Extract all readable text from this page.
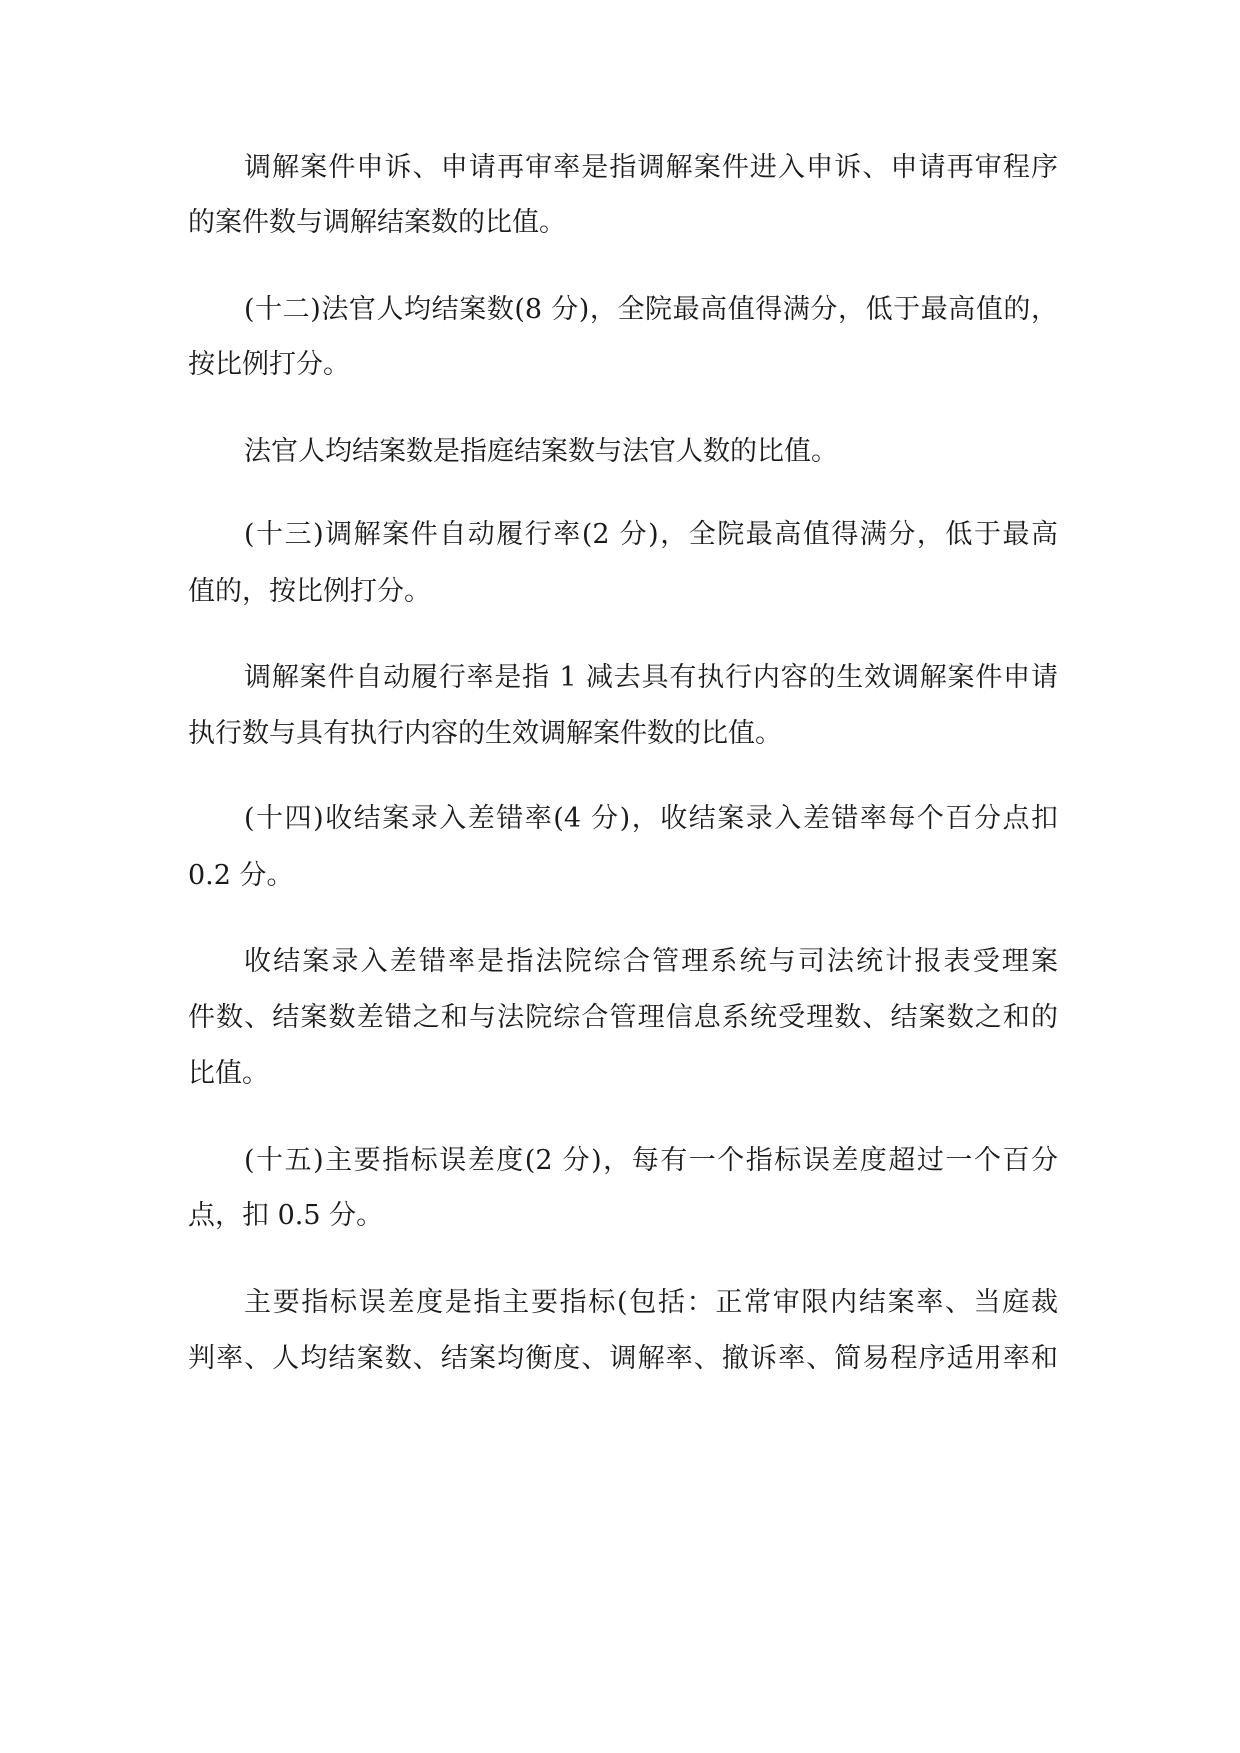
调解案件申诉、申请再审率是指调解案件进入申诉、申请再审程序
的案件数与调解结案数的比值。
(十二)法官人均结案数(8 分)，全院最高值得满分，低于最高值的，
按比例打分。
法官人均结案数是指庭结案数与法官人数的比值。
(十三)调解案件自动履行率(2 分)，全院最高值得满分，低于最高
值的，按比例打分。
调解案件自动履行率是指 1 减去具有执行内容的生效调解案件申请
执行数与具有执行内容的生效调解案件数的比值。
(十四)收结案录入差错率(4 分)，收结案录入差错率每个百分点扣
0.2 分。
收结案录入差错率是指法院综合管理系统与司法统计报表受理案
件数、结案数差错之和与法院综合管理信息系统受理数、结案数之和的
比值。
(十五)主要指标误差度(2 分)，每有一个指标误差度超过一个百分
点，扣 0.5 分。
主要指标误差度是指主要指标(包括：正常审限内结案率、当庭裁
判率、人均结案数、结案均衡度、调解率、撤诉率、简易程序适用率和
